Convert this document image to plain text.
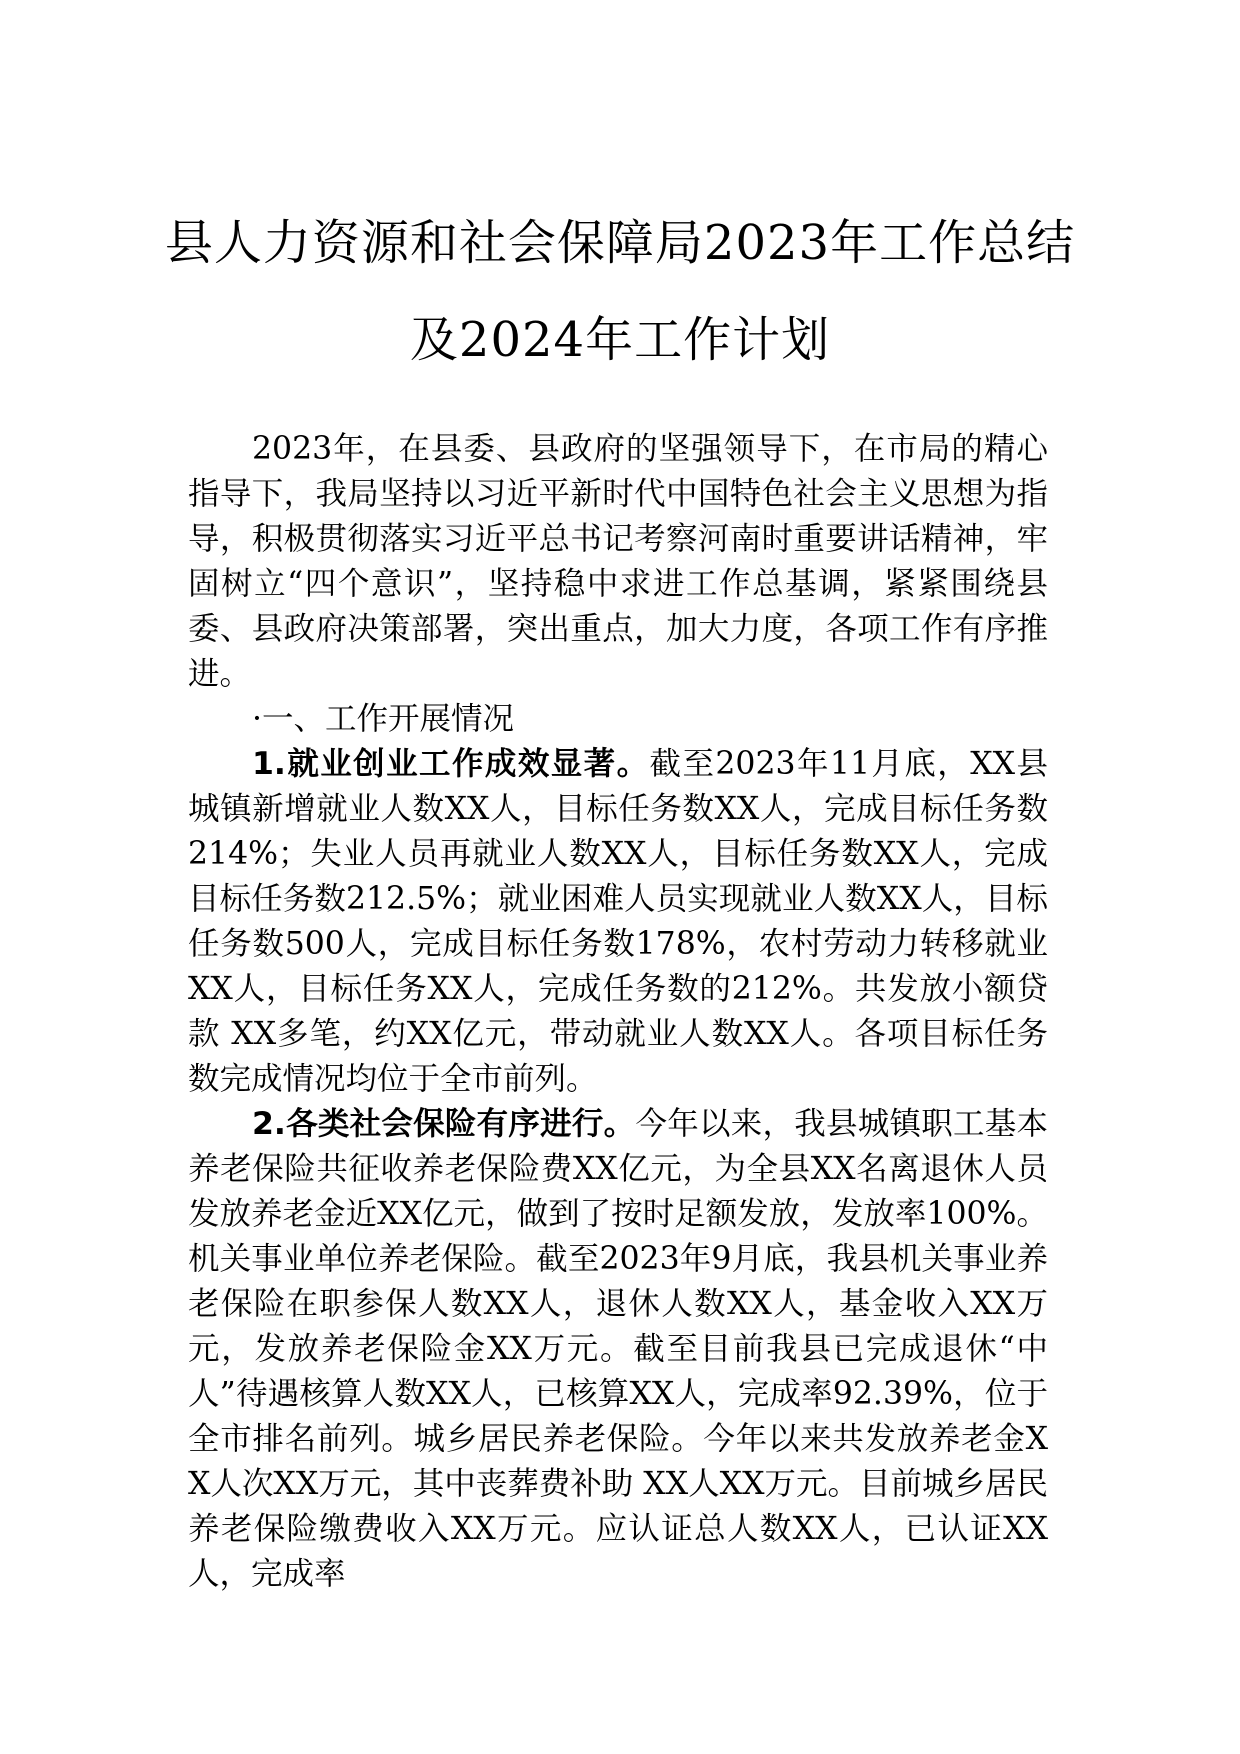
县人力资源和社会保障局2023年工作总结
及2024年工作计划

2023年，在县委、县政府的坚强领导下，在市局的精心指导下，我局坚持以习近平新时代中国特色社会主义思想为指导，积极贯彻落实习近平总书记考察河南时重要讲话精神，牢固树立“四个意识”，坚持稳中求进工作总基调，紧紧围绕县委、县政府决策部署，突出重点，加大力度，各项工作有序推进。

·一、工作开展情况

1.就业创业工作成效显著。截至2023年11月底，XX县城镇新增就业人数XX人，目标任务数XX人，完成目标任务数214%；失业人员再就业人数XX人，目标任务数XX人，完成目标任务数212.5%；就业困难人员实现就业人数XX人，目标任务数500人，完成目标任务数178%，农村劳动力转移就业XX人，目标任务XX人，完成任务数的212%。共发放小额贷款 XX多笔，约XX亿元，带动就业人数XX人。各项目标任务数完成情况均位于全市前列。

2.各类社会保险有序进行。今年以来，我县城镇职工基本养老保险共征收养老保险费XX亿元，为全县XX名离退休人员发放养老金近XX亿元，做到了按时足额发放，发放率100%。机关事业单位养老保险。截至2023年9月底，我县机关事业养老保险在职参保人数XX人，退休人数XX人，基金收入XX万元，发放养老保险金XX万元。截至目前我县已完成退休“中人”待遇核算人数XX人，已核算XX人，完成率92.39%，位于全市排名前列。城乡居民养老保险。今年以来共发放养老金XX人次XX万元，其中丧葬费补助 XX人XX万元。目前城乡居民养老保险缴费收入XX万元。应认证总人数XX人，已认证XX人，完成率
